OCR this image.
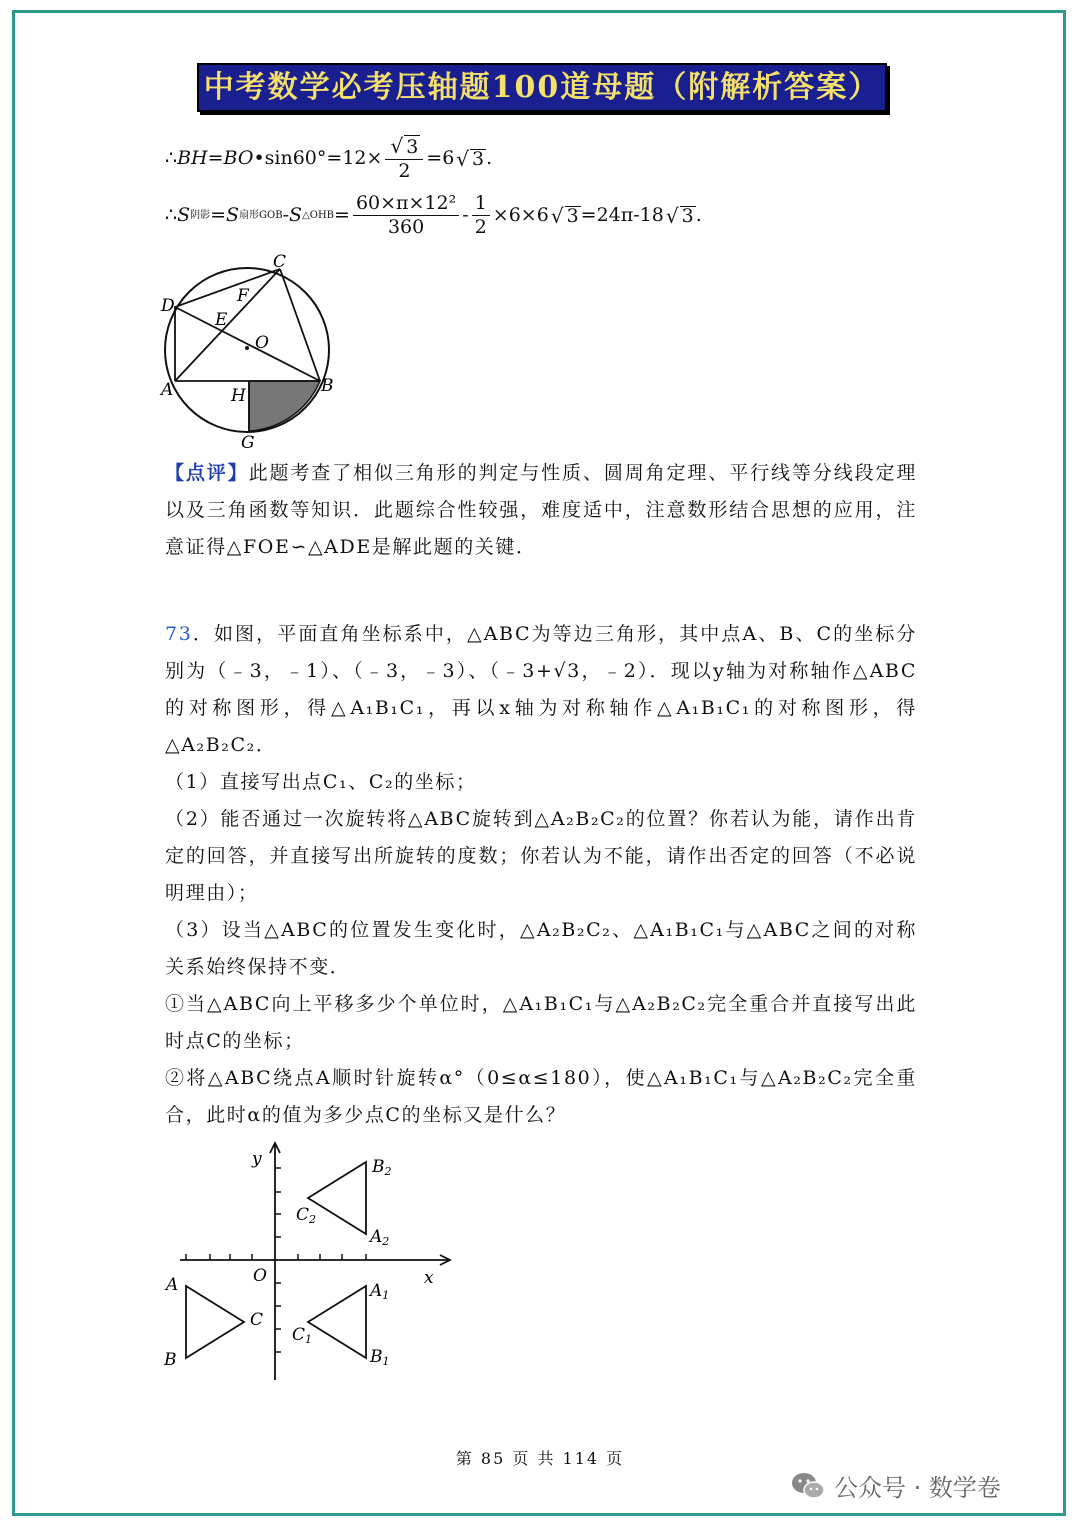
中考数学必考压轴题100道母题（附解析答案）
∴ BH=BO • $\sin 60^\circ =12\times \frac{√ 3}{2} =6$ √ 3 .
∴ S 阴影 =S 扇形GOB - S △OHB = $\frac{\text{60×π×12²}}{360} - \frac{1}{2} \times 6\times 6$ √ 3 =24π-18 √ 3 .
C
D	F
E
O
A	H	B
G

【点评】此题考查了相似三角形的判定与性质、圆周角定理、平行线等分线段定理以及三角函数等知识．此题综合性较强，难度适中，注意数形结合思想的应用，注意证得△FOE∽△ADE是解此题的关键．

73．如图，平面直角坐标系中，△ABC为等边三角形，其中点A、B、C的坐标分别为（﹣3，﹣1）、（﹣3，﹣3）、（﹣3+√3，﹣2）．现以y轴为对称轴作△ABC的对称图形，得△A₁B₁C₁，再以x轴为对称轴作△A₁B₁C₁的对称图形，得△A₂B₂C₂．

（1）直接写出点C₁、C₂的坐标；

（2）能否通过一次旋转将△ABC旋转到△A₂B₂C₂的位置？你若认为能，请作出肯定的回答，并直接写出所旋转的度数；你若认为不能，请作出否定的回答（不必说明理由）；

（3）设当△ABC的位置发生变化时，△A₂B₂C₂、△A₁B₁C₁与△ABC之间的对称关系始终保持不变．

①当△ABC向上平移多少个单位时，△A₁B₁C₁与△A₂B₂C₂完全重合并直接写出此时点C的坐标；

②将△ABC绕点A顺时针旋转α°（0≤α≤180），使△A₁B₁C₁与△A₂B₂C₂完全重合，此时α的值为多少点C的坐标又是什么？

y
x
O
A
B
C
A1
B1
C1
B2
C2
A2
第 85 页 共 114 页
公众号 · 数学卷
